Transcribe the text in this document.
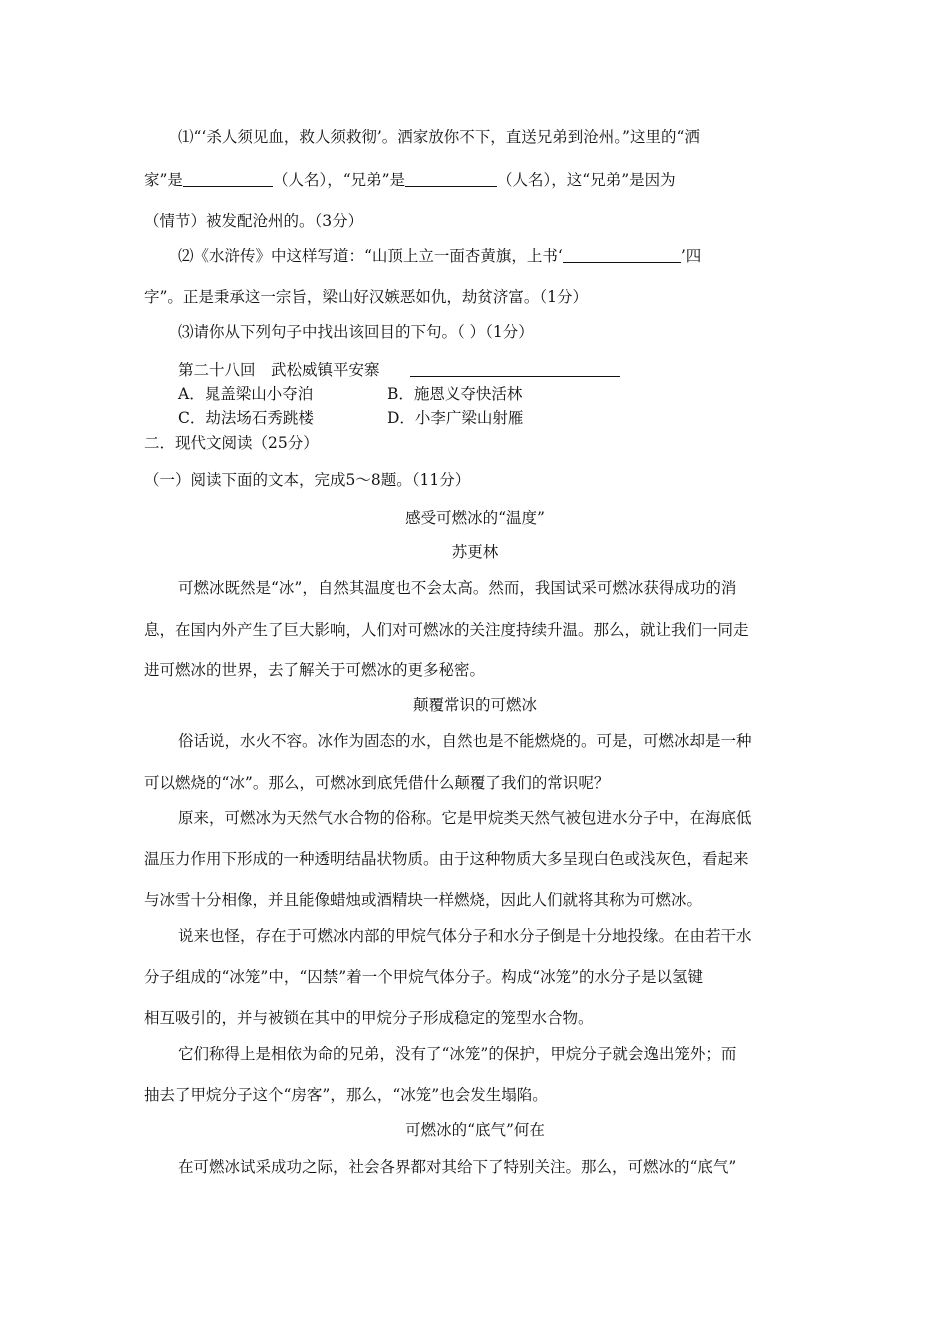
⑴“‘杀人须见血，救人须救彻’。洒家放你不下，直送兄弟到沧州。”这里的“洒
家”是	（人名），“兄弟”是	（人名），这“兄弟”是因为
（情节）被发配沧州的。（3分）
⑵《水浒传》中这样写道：“山顶上立一面杏黄旗，上书‘	’四
字”。正是秉承这一宗旨，梁山好汉嫉恶如仇，劫贫济富。（1分）
⑶请你从下列句子中找出该回目的下句。（ ）（1分）
第二十八回　武松威镇平安寨
A．晁盖梁山小夺泊	B．施恩义夺快活林
C．劫法场石秀跳楼	D．小李广梁山射雁
二．现代文阅读（25分）
（一）阅读下面的文本，完成5～8题。（11分）
感受可燃冰的“温度”
苏更林
可燃冰既然是“冰”，自然其温度也不会太高。然而，我国试采可燃冰获得成功的消
息，在国内外产生了巨大影响，人们对可燃冰的关注度持续升温。那么，就让我们一同走
进可燃冰的世界，去了解关于可燃冰的更多秘密。
颠覆常识的可燃冰
俗话说，水火不容。冰作为固态的水，自然也是不能燃烧的。可是，可燃冰却是一种
可以燃烧的“冰”。那么，可燃冰到底凭借什么颠覆了我们的常识呢？
原来，可燃冰为天然气水合物的俗称。它是甲烷类天然气被包进水分子中，在海底低
温压力作用下形成的一种透明结晶状物质。由于这种物质大多呈现白色或浅灰色，看起来
与冰雪十分相像，并且能像蜡烛或酒精块一样燃烧，因此人们就将其称为可燃冰。
说来也怪，存在于可燃冰内部的甲烷气体分子和水分子倒是十分地投缘。在由若干水
分子组成的“冰笼”中，“囚禁”着一个甲烷气体分子。构成“冰笼”的水分子是以氢键
相互吸引的，并与被锁在其中的甲烷分子形成稳定的笼型水合物。
它们称得上是相依为命的兄弟，没有了“冰笼”的保护，甲烷分子就会逸出笼外；而
抽去了甲烷分子这个“房客”，那么，“冰笼”也会发生塌陷。
可燃冰的“底气”何在
在可燃冰试采成功之际，社会各界都对其给下了特别关注。那么，可燃冰的“底气”
